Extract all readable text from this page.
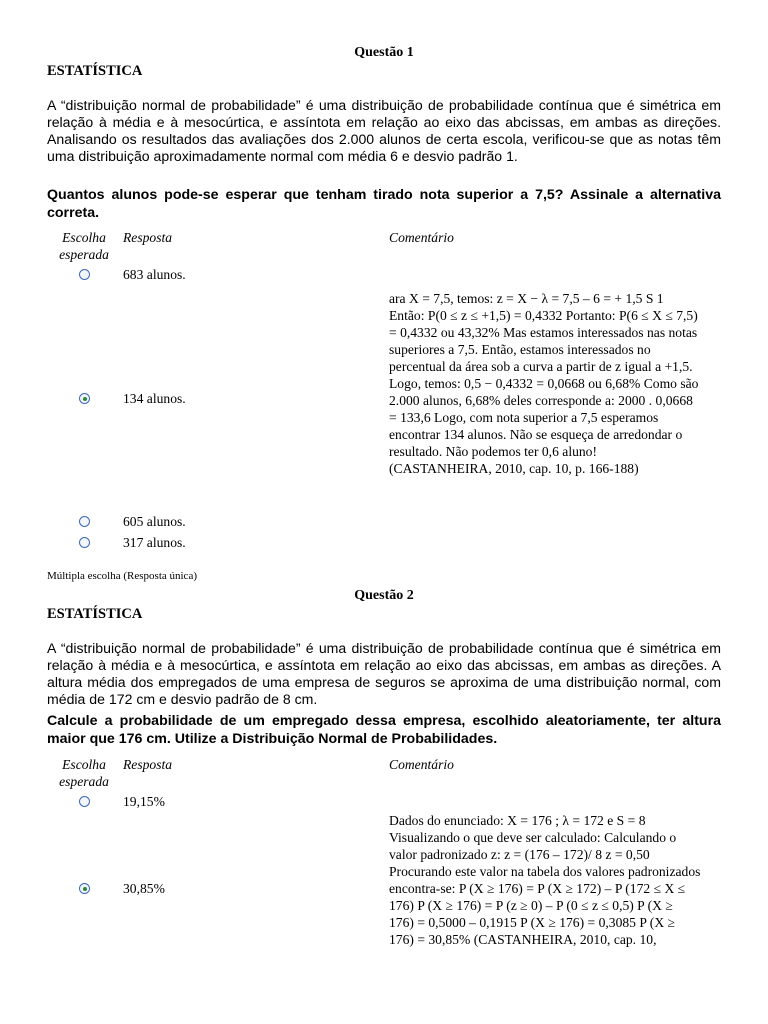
Questão 1
ESTATÍSTICA
A “distribuição normal de probabilidade” é uma distribuição de probabilidade contínua que é simétrica em relação à média e à mesocúrtica, e assíntota em relação ao eixo das abcissas, em ambas as direções. Analisando os resultados das avaliações dos 2.000 alunos de certa escola, verificou-se que as notas têm uma distribuição aproximadamente normal com média 6 e desvio padrão 1.
Quantos alunos pode-se esperar que tenham tirado nota superior a 7,5? Assinale a alternativa correta.
Escolha esperada
Resposta	Comentário
683 alunos.
ara X = 7,5, temos: z = X − λ = 7,5 – 6 = + 1,5 S 1 Então: P(0 ≤ z ≤ +1,5) = 0,4332 Portanto: P(6 ≤ X ≤ 7,5) = 0,4332 ou 43,32% Mas estamos interessados nas notas superiores a 7,5. Então, estamos interessados no percentual da área sob a curva a partir de z igual a +1,5. Logo, temos: 0,5 − 0,4332 = 0,0668 ou 6,68% Como são 2.000 alunos, 6,68% deles corresponde a: 2000 . 0,0668 = 133,6 Logo, com nota superior a 7,5 esperamos encontrar 134 alunos. Não se esqueça de arredondar o resultado. Não podemos ter 0,6 aluno! (CASTANHEIRA, 2010, cap. 10, p. 166-188)
134 alunos.
605 alunos.
317 alunos.
Múltipla escolha (Resposta única)
Questão 2
ESTATÍSTICA
A “distribuição normal de probabilidade” é uma distribuição de probabilidade contínua que é simétrica em relação à média e à mesocúrtica, e assíntota em relação ao eixo das abcissas, em ambas as direções. A altura média dos empregados de uma empresa de seguros se aproxima de uma distribuição normal, com média de 172 cm e desvio padrão de 8 cm.
Calcule a probabilidade de um empregado dessa empresa, escolhido aleatoriamente, ter altura maior que 176 cm. Utilize a Distribuição Normal de Probabilidades.
Escolha esperada
Resposta	Comentário
19,15%
Dados do enunciado: X = 176 ; λ = 172 e S = 8 Visualizando o que deve ser calculado: Calculando o valor padronizado z: z = (176 – 172)/ 8 z = 0,50 Procurando este valor na tabela dos valores padronizados encontra-se: P (X ≥ 176) = P (X ≥ 172) – P (172 ≤ X ≤ 176) P (X ≥ 176) = P (z ≥ 0) – P (0 ≤ z ≤ 0,5) P (X ≥ 176) = 0,5000 – 0,1915 P (X ≥ 176) = 0,3085 P (X ≥ 176) = 30,85% (CASTANHEIRA, 2010, cap. 10,
30,85%
